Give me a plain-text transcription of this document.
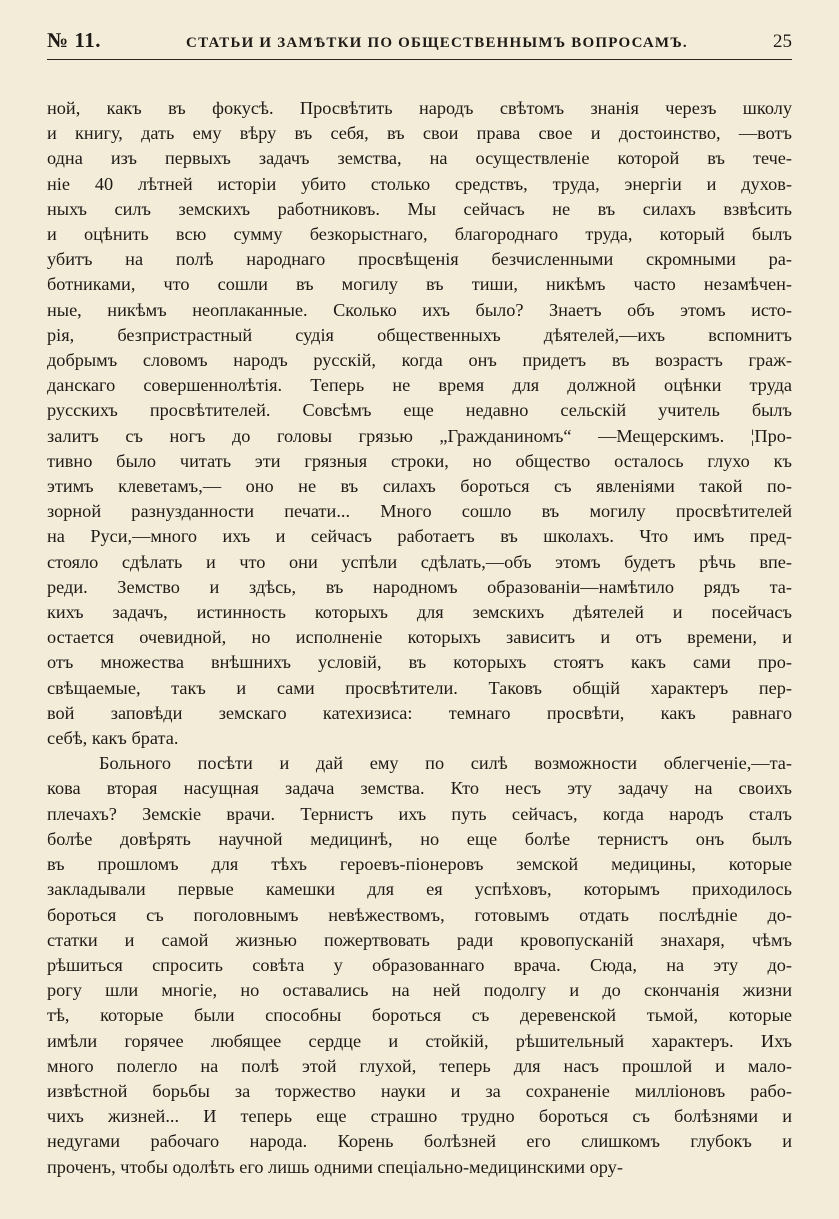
№ 11.	СТАТЬИ И ЗАМѢТКИ ПО ОБЩЕСТВЕННЫМЪ ВОПРОСАМЪ.	25
ной, какъ въ фокусѣ. Просвѣтить народъ свѣтомъ знанія черезъ школу
и книгу, дать ему вѣру въ себя, въ свои права свое и достоинство, —вотъ
одна изъ первыхъ задачъ земства, на осуществленіе которой въ тече-
ніе 40 лѣтней исторіи убито столько средствъ, труда, энергіи и духов-
ныхъ силъ земскихъ работниковъ. Мы сейчасъ не въ силахъ взвѣсить
и оцѣнить всю сумму безкорыстнаго, благороднаго труда, который былъ
убитъ на полѣ народнаго просвѣщенія безчисленными скромными ра-
ботниками, что сошли въ могилу въ тиши, никѣмъ часто незамѣчен-
ные, никѣмъ неоплаканные. Сколько ихъ было? Знаетъ объ этомъ исто-
рія, безпристрастный судія общественныхъ дѣятелей,—ихъ вспомнитъ
добрымъ словомъ народъ русскій, когда онъ придетъ въ возрастъ граж-
данскаго совершеннолѣтія. Теперь не время для должной оцѣнки труда
русскихъ просвѣтителей. Совсѣмъ еще недавно сельскій учитель былъ
залитъ съ ногъ до головы грязью „Гражданиномъ“ —Мещерскимъ. ¦Про-
тивно было читать эти грязныя строки, но общество осталось глухо къ
этимъ клеветамъ,— оно не въ силахъ бороться съ явленіями такой по-
зорной разнузданности печати... Много сошло въ могилу просвѣтителей
на Руси,—много ихъ и сейчасъ работаетъ въ школахъ. Что имъ пред-
стояло сдѣлать и что они успѣли сдѣлать,—объ этомъ будетъ рѣчь впе-
реди. Земство и здѣсь, въ народномъ образованіи—намѣтило рядъ та-
кихъ задачъ, истинность которыхъ для земскихъ дѣятелей и посейчасъ
остается очевидной, но исполненіе которыхъ зависитъ и отъ времени, и
отъ множества внѣшнихъ условій, въ которыхъ стоятъ какъ сами про-
свѣщаемые, такъ и сами просвѣтители. Таковъ общій характеръ пер-
вой заповѣди земскаго катехизиса: темнаго просвѣти, какъ равнаго
себѣ, какъ брата.
Больного посѣти и дай ему по силѣ возможности облегченіе,—та-
кова вторая насущная задача земства. Кто несъ эту задачу на своихъ
плечахъ? Земскіе врачи. Тернистъ ихъ путь сейчасъ, когда народъ сталъ
болѣе довѣрять научной медицинѣ, но еще болѣе тернистъ онъ былъ
въ прошломъ для тѣхъ героевъ-піонеровъ земской медицины, которые
закладывали первые камешки для ея успѣховъ, которымъ приходилось
бороться съ поголовнымъ невѣжествомъ, готовымъ отдать послѣдніе до-
статки и самой жизнью пожертвовать ради кровопусканій знахаря, чѣмъ
рѣшиться спросить совѣта у образованнаго врача. Сюда, на эту до-
рогу шли многіе, но оставались на ней подолгу и до скончанія жизни
тѣ, которые были способны бороться съ деревенской тьмой, которые
имѣли горячее любящее сердце и стойкій, рѣшительный характеръ. Ихъ
много полегло на полѣ этой глухой, теперь для насъ прошлой и мало-
извѣстной борьбы за торжество науки и за сохраненіе милліоновъ рабо-
чихъ жизней... И теперь еще страшно трудно бороться съ болѣзнями и
недугами рабочаго народа. Корень болѣзней его слишкомъ глубокъ и
проченъ, чтобы одолѣть его лишь одними спеціально-медицинскими ору-
